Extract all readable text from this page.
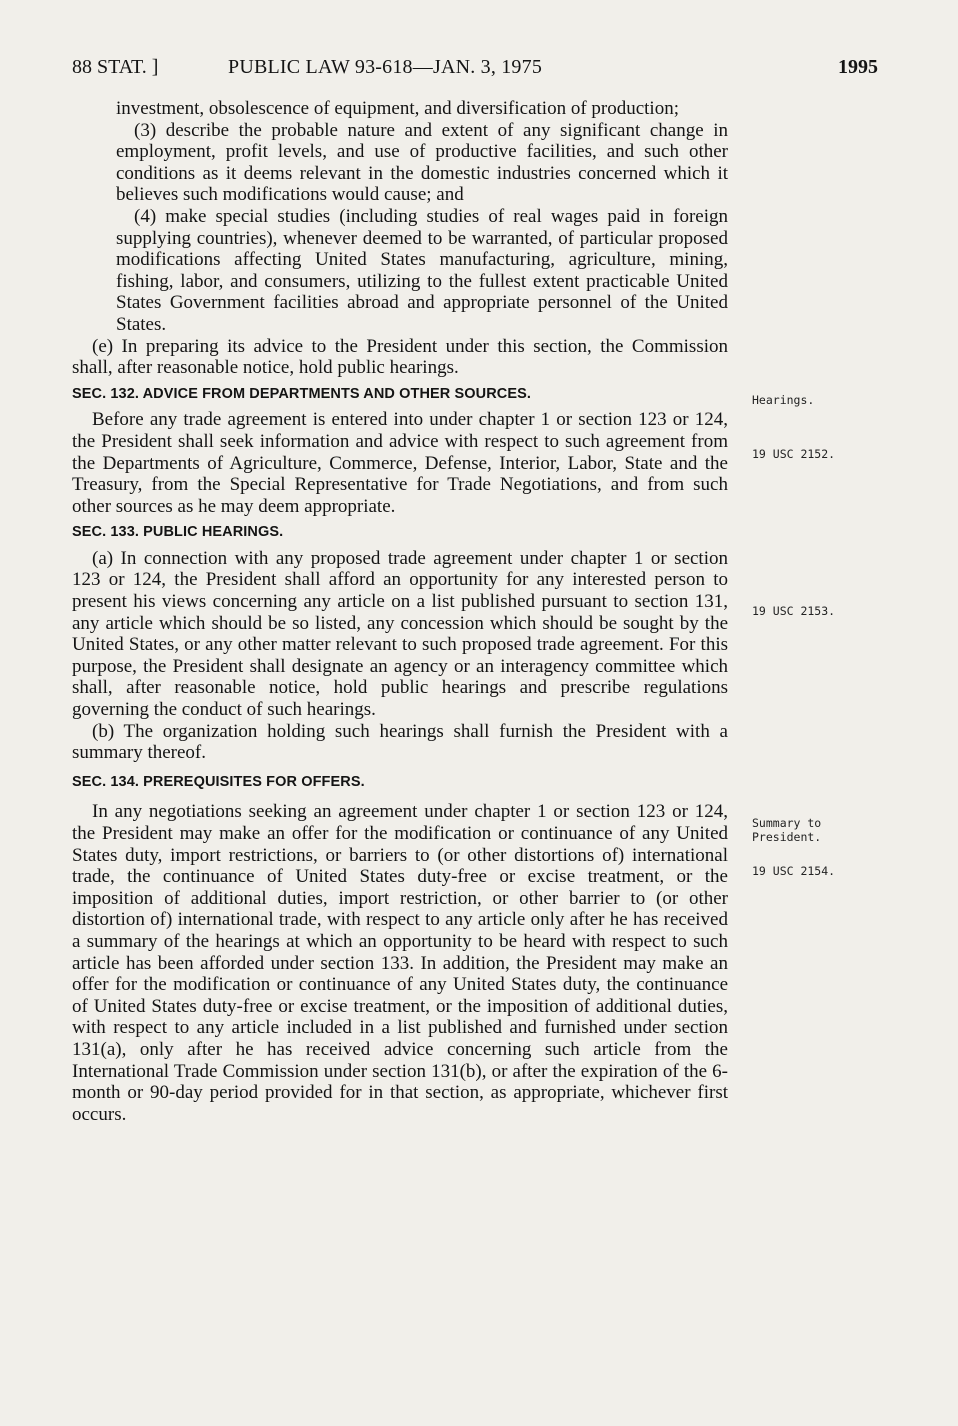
88 STAT. ]	PUBLIC LAW 93-618—JAN. 3, 1975	1995

investment, obsolescence of equipment, and diversification of production;

(3) describe the probable nature and extent of any significant change in employment, profit levels, and use of productive facilities, and such other conditions as it deems relevant in the domestic industries concerned which it believes such modifications would cause; and

(4) make special studies (including studies of real wages paid in foreign supplying countries), whenever deemed to be warranted, of particular proposed modifications affecting United States manufacturing, agriculture, mining, fishing, labor, and consumers, utilizing to the fullest extent practicable United States Government facilities abroad and appropriate personnel of the United States.

(e) In preparing its advice to the President under this section, the Commission shall, after reasonable notice, hold public hearings.

SEC. 132. ADVICE FROM DEPARTMENTS AND OTHER SOURCES.

Before any trade agreement is entered into under chapter 1 or section 123 or 124, the President shall seek information and advice with respect to such agreement from the Departments of Agriculture, Commerce, Defense, Interior, Labor, State and the Treasury, from the Special Representative for Trade Negotiations, and from such other sources as he may deem appropriate.

SEC. 133. PUBLIC HEARINGS.

(a) In connection with any proposed trade agreement under chapter 1 or section 123 or 124, the President shall afford an opportunity for any interested person to present his views concerning any article on a list published pursuant to section 131, any article which should be so listed, any concession which should be sought by the United States, or any other matter relevant to such proposed trade agreement. For this purpose, the President shall designate an agency or an interagency committee which shall, after reasonable notice, hold public hearings and prescribe regulations governing the conduct of such hearings.

(b) The organization holding such hearings shall furnish the President with a summary thereof.

SEC. 134. PREREQUISITES FOR OFFERS.

In any negotiations seeking an agreement under chapter 1 or section 123 or 124, the President may make an offer for the modification or continuance of any United States duty, import restrictions, or barriers to (or other distortions of) international trade, the continuance of United States duty-free or excise treatment, or the imposition of additional duties, import restriction, or other barrier to (or other distortion of) international trade, with respect to any article only after he has received a summary of the hearings at which an opportunity to be heard with respect to such article has been afforded under section 133. In addition, the President may make an offer for the modification or continuance of any United States duty, the continuance of United States duty-free or excise treatment, or the imposition of additional duties, with respect to any article included in a list published and furnished under section 131(a), only after he has received advice concerning such article from the International Trade Commission under section 131(b), or after the expiration of the 6-month or 90-day period provided for in that section, as appropriate, whichever first occurs.

Hearings.
19 USC 2152.
19 USC 2153.
Summary to
President.
19 USC 2154.
